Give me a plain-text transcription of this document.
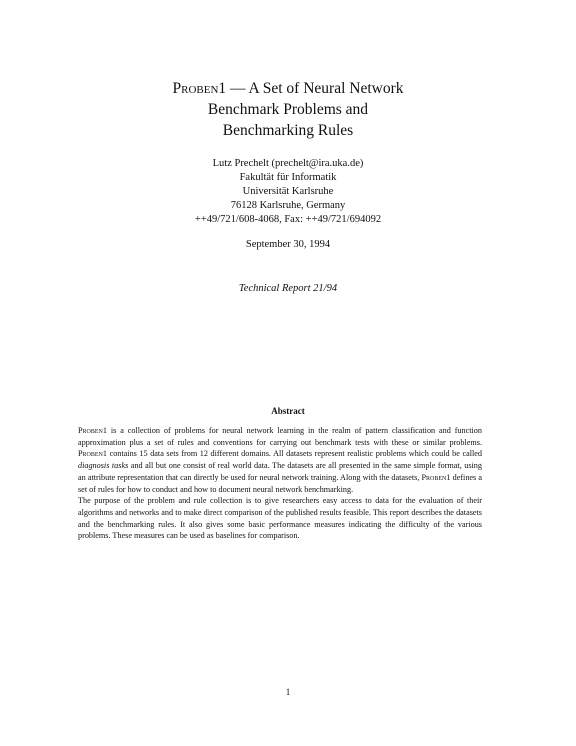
Proben1 — A Set of Neural Network
Benchmark Problems and
Benchmarking Rules
Lutz Prechelt (prechelt@ira.uka.de)
Fakultät für Informatik
Universität Karlsruhe
76128 Karlsruhe, Germany
++49/721/608-4068, Fax: ++49/721/694092
September 30, 1994
Technical Report 21/94
Abstract

Proben1 is a collection of problems for neural network learning in the realm of pattern classification and function approximation plus a set of rules and conventions for carrying out benchmark tests with these or similar problems. Proben1 contains 15 data sets from 12 different domains. All datasets represent realistic problems which could be called diagnosis tasks and all but one consist of real world data. The datasets are all presented in the same simple format, using an attribute representation that can directly be used for neural network training. Along with the datasets, Proben1 defines a set of rules for how to conduct and how to document neural network benchmarking.

The purpose of the problem and rule collection is to give researchers easy access to data for the evaluation of their algorithms and networks and to make direct comparison of the published results feasible. This report describes the datasets and the benchmarking rules. It also gives some basic performance measures indicating the difficulty of the various problems. These measures can be used as baselines for comparison.

1
